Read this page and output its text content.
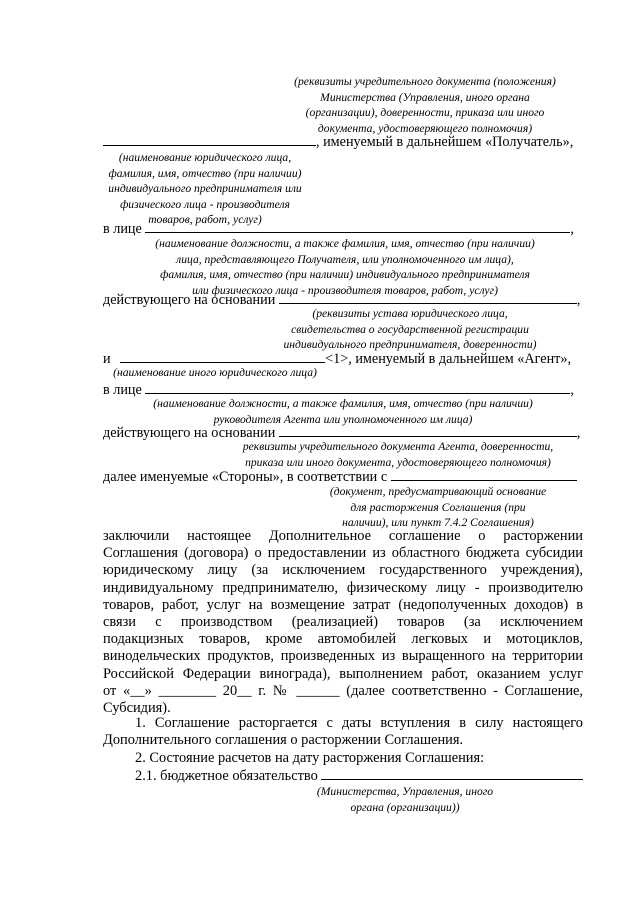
(реквизиты учредительного документа (положения)
Министерства (Управления, иного органа
(организации), доверенности, приказа или иного
документа, удостоверяющего полномочия)
, именуемый в дальнейшем «Получатель»,
(наименование юридического лица,
фамилия, имя, отчество (при наличии)
индивидуального предпринимателя или
физического лица - производителя
товаров, работ, услуг)
в лице	,
(наименование должности, а также фамилия, имя, отчество (при наличии)
лица, представляющего Получателя, или уполномоченного им лица),
фамилия, имя, отчество (при наличии) индивидуального предпринимателя
или физического лица - производителя товаров, работ, услуг)
действующего на основании	,
(реквизиты устава юридического лица,
свидетельства о государственной регистрации
индивидуального предпринимателя, доверенности)
и	<1>, именуемый в дальнейшем «Агент»,
(наименование иного юридического лица)
в лице	,
(наименование должности, а также фамилия, имя, отчество (при наличии)
руководителя Агента или уполномоченного им лица)
действующего на основании	,
реквизиты учредительного документа Агента, доверенности,
приказа или иного документа, удостоверяющего полномочия)
далее именуемые «Стороны», в соответствии с
(документ, предусматривающий основание
для расторжения Соглашения (при
наличии), или пункт 7.4.2 Соглашения)
заключили настоящее Дополнительное соглашение о расторжении
Соглашения (договора) о предоставлении из областного бюджета субсидии
юридическому лицу (за исключением государственного учреждения),
индивидуальному предпринимателю, физическому лицу - производителю
товаров, работ, услуг на возмещение затрат (недополученных доходов) в
связи с производством (реализацией) товаров (за исключением
подакцизных товаров, кроме автомобилей легковых и мотоциклов,
винодельческих продуктов, произведенных из выращенного на территории
Российской Федерации винограда), выполнением работ, оказанием услуг
от «__» ________ 20__ г. № ______ (далее соответственно - Соглашение,
Субсидия).
1. Соглашение расторгается с даты вступления в силу настоящего
Дополнительного соглашения о расторжении Соглашения.
2. Состояние расчетов на дату расторжения Соглашения:
2.1. бюджетное обязательство
(Министерства, Управления, иного
органа (организации))
